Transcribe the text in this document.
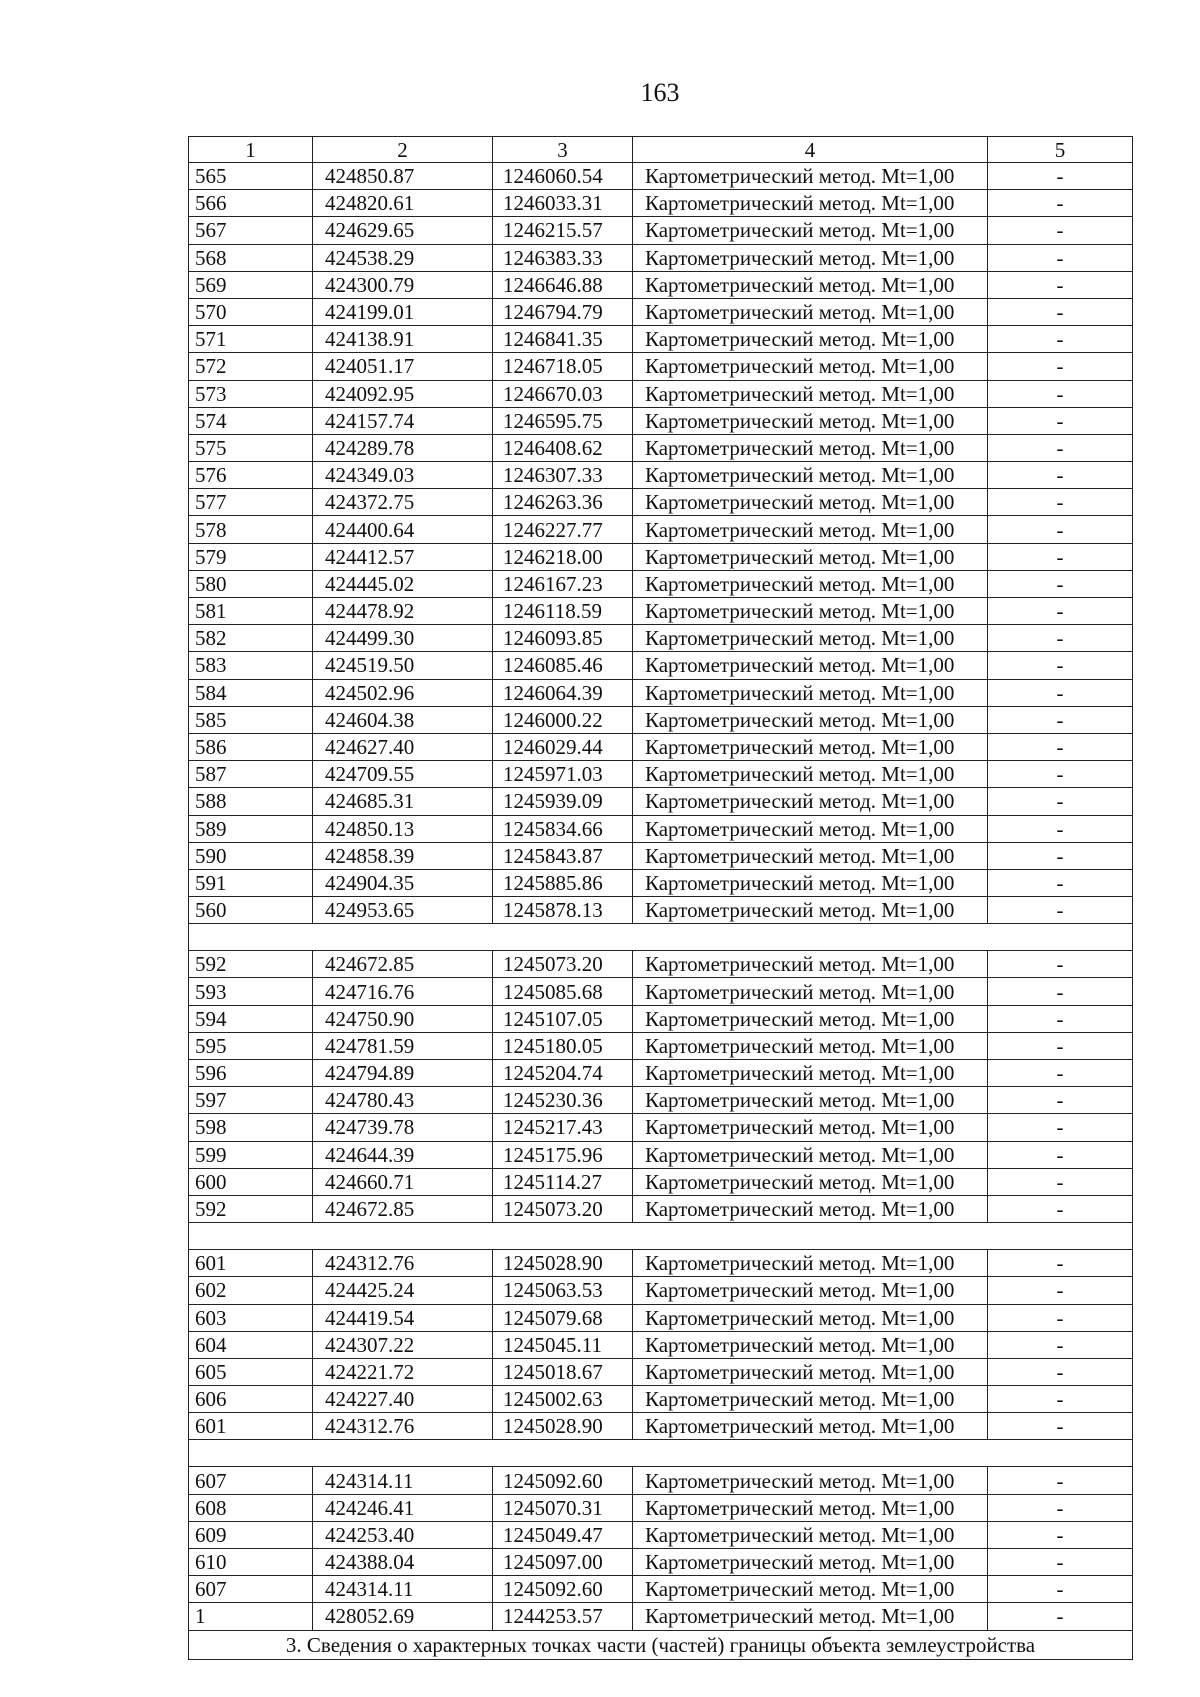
163
1	2	3	4	5
565	424850.87	1246060.54	Картометрический метод. Mt=1,00	-
566	424820.61	1246033.31	Картометрический метод. Mt=1,00	-
567	424629.65	1246215.57	Картометрический метод. Mt=1,00	-
568	424538.29	1246383.33	Картометрический метод. Mt=1,00	-
569	424300.79	1246646.88	Картометрический метод. Mt=1,00	-
570	424199.01	1246794.79	Картометрический метод. Mt=1,00	-
571	424138.91	1246841.35	Картометрический метод. Mt=1,00	-
572	424051.17	1246718.05	Картометрический метод. Mt=1,00	-
573	424092.95	1246670.03	Картометрический метод. Mt=1,00	-
574	424157.74	1246595.75	Картометрический метод. Mt=1,00	-
575	424289.78	1246408.62	Картометрический метод. Mt=1,00	-
576	424349.03	1246307.33	Картометрический метод. Mt=1,00	-
577	424372.75	1246263.36	Картометрический метод. Mt=1,00	-
578	424400.64	1246227.77	Картометрический метод. Mt=1,00	-
579	424412.57	1246218.00	Картометрический метод. Mt=1,00	-
580	424445.02	1246167.23	Картометрический метод. Mt=1,00	-
581	424478.92	1246118.59	Картометрический метод. Mt=1,00	-
582	424499.30	1246093.85	Картометрический метод. Mt=1,00	-
583	424519.50	1246085.46	Картометрический метод. Mt=1,00	-
584	424502.96	1246064.39	Картометрический метод. Mt=1,00	-
585	424604.38	1246000.22	Картометрический метод. Mt=1,00	-
586	424627.40	1246029.44	Картометрический метод. Mt=1,00	-
587	424709.55	1245971.03	Картометрический метод. Mt=1,00	-
588	424685.31	1245939.09	Картометрический метод. Mt=1,00	-
589	424850.13	1245834.66	Картометрический метод. Mt=1,00	-
590	424858.39	1245843.87	Картометрический метод. Mt=1,00	-
591	424904.35	1245885.86	Картометрический метод. Mt=1,00	-
560	424953.65	1245878.13	Картометрический метод. Mt=1,00	-

592	424672.85	1245073.20	Картометрический метод. Mt=1,00	-
593	424716.76	1245085.68	Картометрический метод. Mt=1,00	-
594	424750.90	1245107.05	Картометрический метод. Mt=1,00	-
595	424781.59	1245180.05	Картометрический метод. Mt=1,00	-
596	424794.89	1245204.74	Картометрический метод. Mt=1,00	-
597	424780.43	1245230.36	Картометрический метод. Mt=1,00	-
598	424739.78	1245217.43	Картометрический метод. Mt=1,00	-
599	424644.39	1245175.96	Картометрический метод. Mt=1,00	-
600	424660.71	1245114.27	Картометрический метод. Mt=1,00	-
592	424672.85	1245073.20	Картометрический метод. Mt=1,00	-

601	424312.76	1245028.90	Картометрический метод. Mt=1,00	-
602	424425.24	1245063.53	Картометрический метод. Mt=1,00	-
603	424419.54	1245079.68	Картометрический метод. Mt=1,00	-
604	424307.22	1245045.11	Картометрический метод. Mt=1,00	-
605	424221.72	1245018.67	Картометрический метод. Mt=1,00	-
606	424227.40	1245002.63	Картометрический метод. Mt=1,00	-
601	424312.76	1245028.90	Картометрический метод. Mt=1,00	-

607	424314.11	1245092.60	Картометрический метод. Mt=1,00	-
608	424246.41	1245070.31	Картометрический метод. Mt=1,00	-
609	424253.40	1245049.47	Картометрический метод. Mt=1,00	-
610	424388.04	1245097.00	Картометрический метод. Mt=1,00	-
607	424314.11	1245092.60	Картометрический метод. Mt=1,00	-
1	428052.69	1244253.57	Картометрический метод. Mt=1,00	-
3. Сведения о характерных точках части (частей) границы объекта землеустройства				
